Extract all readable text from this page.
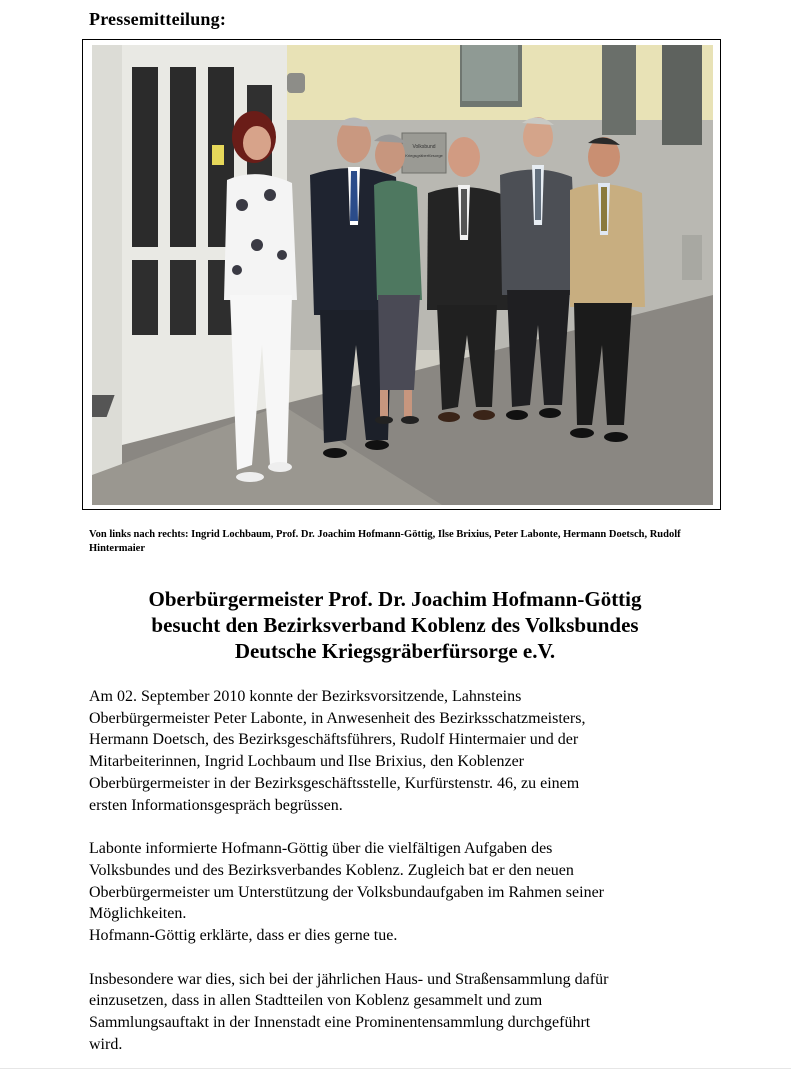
Pressemitteilung:
Volksbund
Kriegsgräberfürsorge
Von links nach rechts: Ingrid Lochbaum, Prof. Dr. Joachim Hofmann-Göttig, Ilse Brixius, Peter Labonte, Hermann Doetsch, Rudolf Hintermaier
Oberbürgermeister Prof. Dr. Joachim Hofmann-Göttig
besucht den Bezirksverband Koblenz des Volksbundes
Deutsche Kriegsgräberfürsorge e.V.

Am 02. September 2010 konnte der Bezirksvorsitzende, Lahnsteins
Oberbürgermeister Peter Labonte, in Anwesenheit des Bezirksschatzmeisters,
Hermann Doetsch, des Bezirksgeschäftsführers, Rudolf Hintermaier und der
Mitarbeiterinnen, Ingrid Lochbaum und Ilse Brixius, den Koblenzer
Oberbürgermeister in der Bezirksgeschäftsstelle, Kurfürstenstr. 46, zu einem
ersten Informationsgespräch begrüssen.

Labonte informierte Hofmann-Göttig über die vielfältigen Aufgaben des
Volksbundes und des Bezirksverbandes Koblenz. Zugleich bat er den neuen
Oberbürgermeister um Unterstützung der Volksbundaufgaben im Rahmen seiner
Möglichkeiten.
Hofmann-Göttig erklärte, dass er dies gerne tue.

Insbesondere war dies, sich bei der jährlichen Haus- und Straßensammlung dafür
einzusetzen, dass in allen Stadtteilen von Koblenz gesammelt und zum
Sammlungsauftakt in der Innenstadt eine Prominentensammlung durchgeführt
wird.
